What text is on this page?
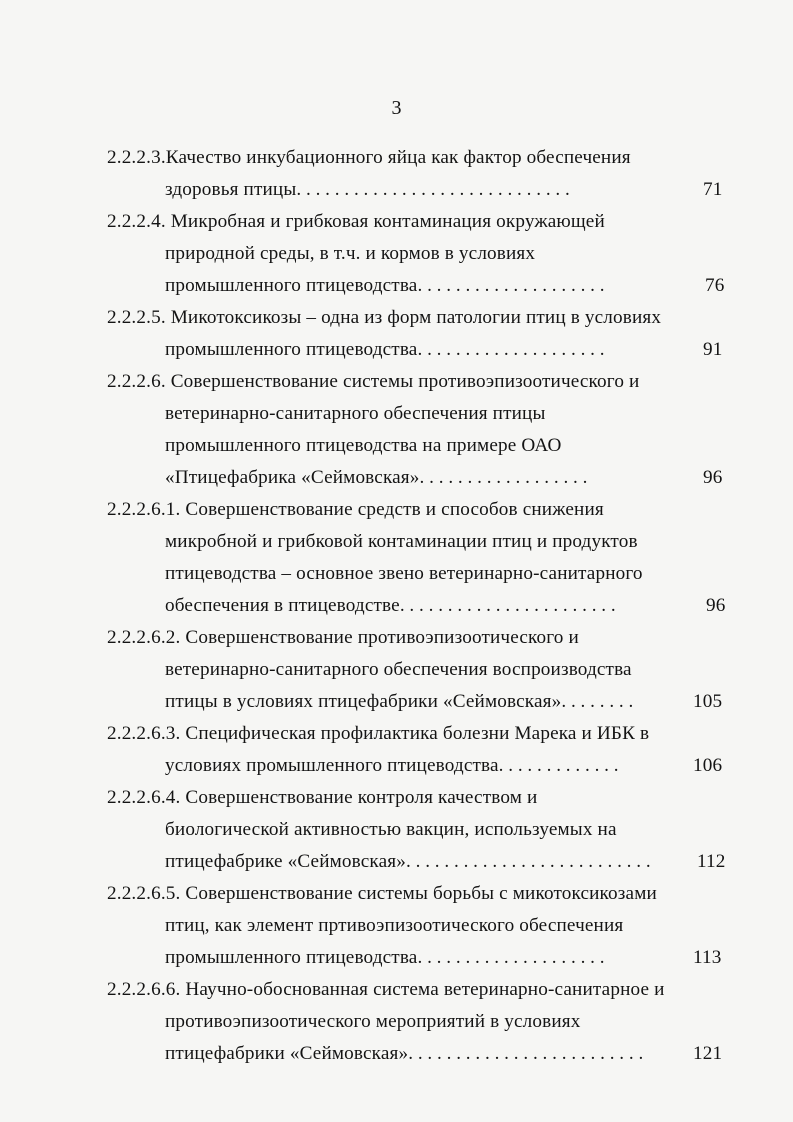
3
2.2.2.3.Качество инкубационного яйца как фактор обеспечения
здоровья птицы. . . . . . . . . . . . . . . . . . . . . . . . . . . . .	71
2.2.2.4. Микробная и грибковая контаминация окружающей
природной среды, в т.ч. и кормов в условиях
промышленного птицеводства. . . . . . . . . . . . . . . . . . . .	76
2.2.2.5. Микотоксикозы – одна из форм патологии птиц в условиях
промышленного птицеводства. . . . . . . . . . . . . . . . . . . .	91
2.2.2.6. Совершенствование системы противоэпизоотического и
ветеринарно-санитарного обеспечения птицы
промышленного птицеводства на примере ОАО
«Птицефабрика «Сеймовская». . . . . . . . . . . . . . . . . .	96
2.2.2.6.1. Совершенствование средств и способов снижения
микробной и грибковой контаминации птиц и продуктов
птицеводства – основное звено ветеринарно-санитарного
обеспечения в птицеводстве. . . . . . . . . . . . . . . . . . . . . . .	96
2.2.2.6.2. Совершенствование противоэпизоотического и
ветеринарно-санитарного обеспечения воспроизводства
птицы в условиях птицефабрики «Сеймовская». . . . . . . .	105
2.2.2.6.3. Специфическая профилактика болезни Марека и ИБК в
условиях промышленного птицеводства. . . . . . . . . . . . .	106
2.2.2.6.4. Совершенствование контроля качеством и
биологической активностью вакцин, используемых на
птицефабрике «Сеймовская». . . . . . . . . . . . . . . . . . . . . . . . . . 112
2.2.2.6.5. Совершенствование системы борьбы с микотоксикозами
птиц, как элемент пртивоэпизоотического обеспечения
промышленного птицеводства. . . . . . . . . . . . . . . . . . . .	113
2.2.2.6.6. Научно-обоснованная система ветеринарно-санитарное и
противоэпизоотического мероприятий в условиях
птицефабрики «Сеймовская». . . . . . . . . . . . . . . . . . . . . . . . .	121
